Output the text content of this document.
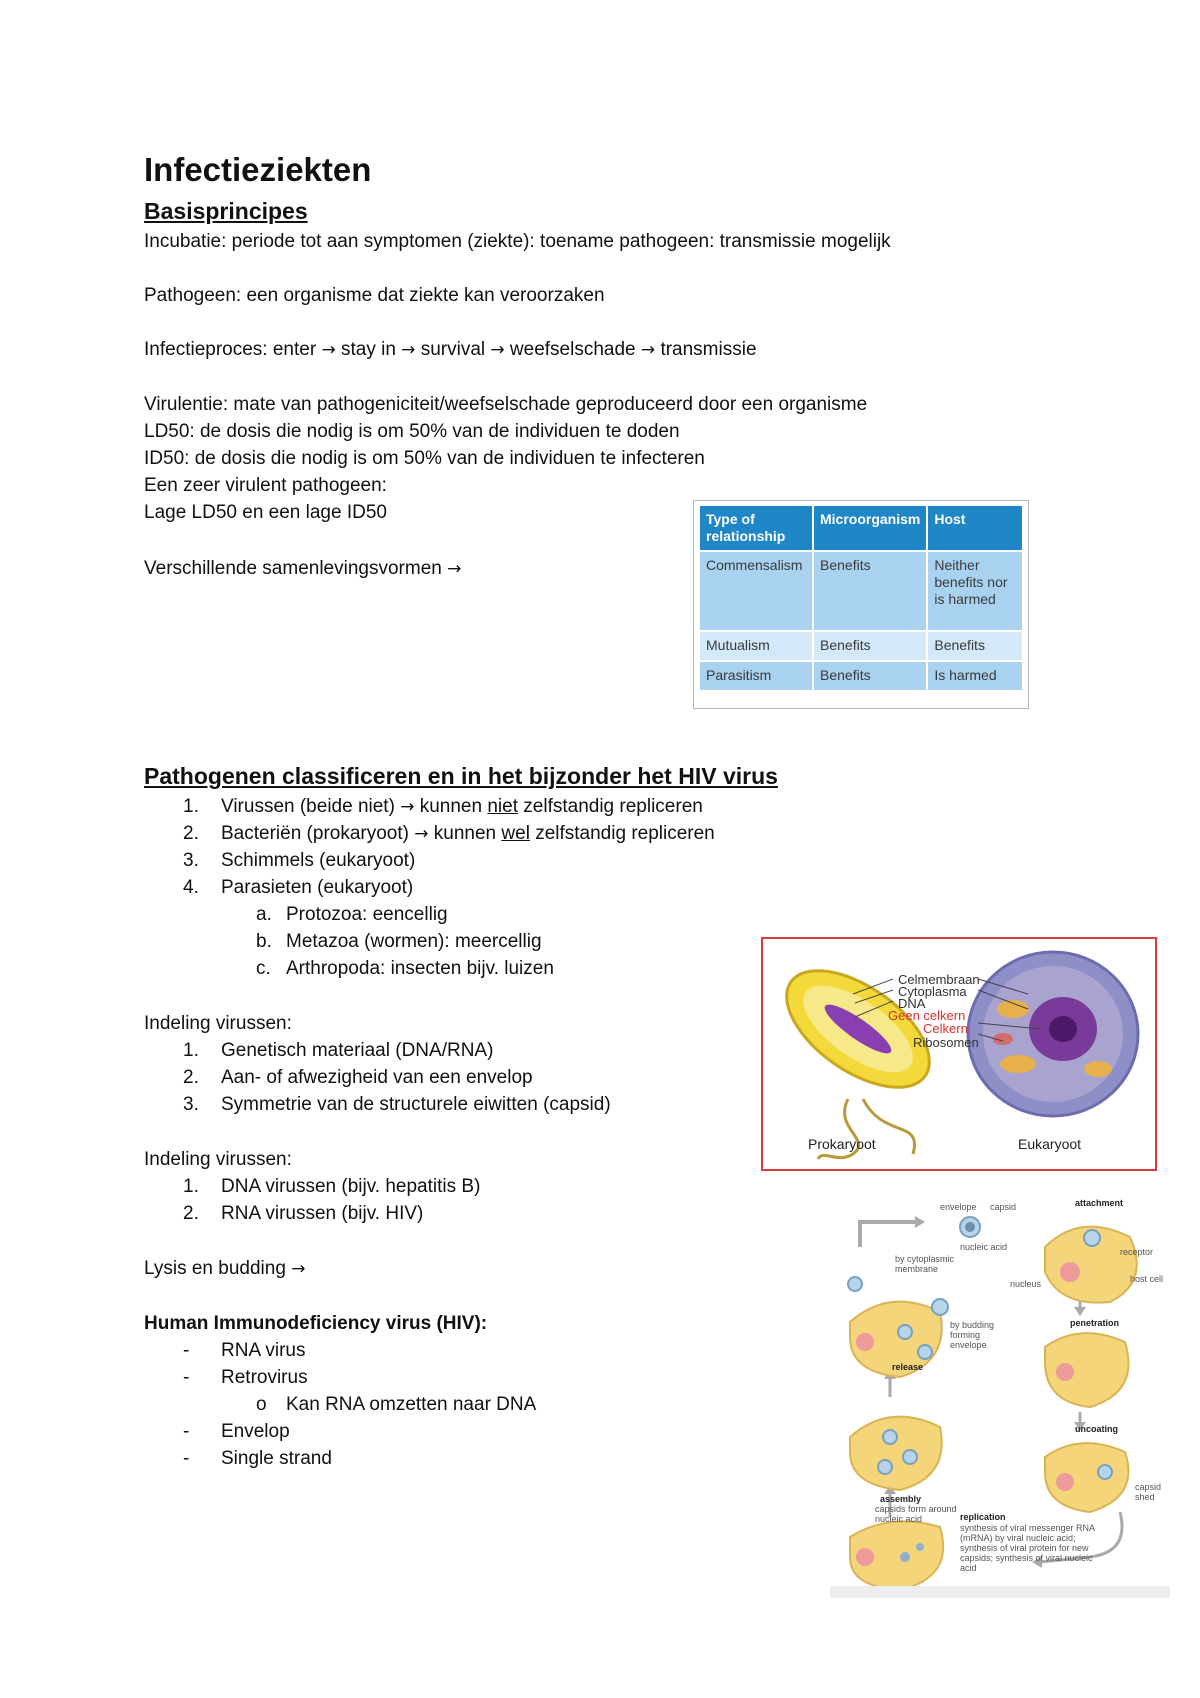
Infectieziekten
Basisprincipes
Incubatie: periode tot aan symptomen (ziekte): toename pathogeen: transmissie mogelijk
Pathogeen: een organisme dat ziekte kan veroorzaken
Infectieproces: enter → stay in → survival → weefselschade → transmissie
Virulentie: mate van pathogeniciteit/weefselschade geproduceerd door een organisme
LD50: de dosis die nodig is om 50% van de individuen te doden
ID50: de dosis die nodig is om 50% van de individuen te infecteren
Een zeer virulent pathogeen:
Lage LD50 en een lage ID50
Verschillende samenlevingsvormen →
Type of relationship	Microorganism	Host
Commensalism	Benefits	Neither benefits nor is harmed
Mutualism	Benefits	Benefits
Parasitism	Benefits	Is harmed
Pathogenen classificeren en in het bijzonder het HIV virus
1. Virussen (beide niet) → kunnen niet zelfstandig repliceren
2. Bacteriën (prokaryoot) → kunnen wel zelfstandig repliceren
3. Schimmels (eukaryoot)
4. Parasieten (eukaryoot)
a. Protozoa: eencellig
b. Metazoa (wormen): meercellig
c. Arthropoda: insecten bijv. luizen
Indeling virussen:
1. Genetisch materiaal (DNA/RNA)
2. Aan- of afwezigheid van een envelop
3. Symmetrie van de structurele eiwitten (capsid)
Indeling virussen:
1. DNA virussen (bijv. hepatitis B)
2. RNA virussen (bijv. HIV)
Lysis en budding →
Human Immunodeficiency virus (HIV):
- RNA virus
- Retrovirus
o Kan RNA omzetten naar DNA
- Envelop
- Single strand
Celmembraan
Cytoplasma
DNA
Geen celkern
Celkern
Ribosomen
Prokaryoot	Eukaryoot
envelope capsid	attachment
nucleic acid	receptor
by cytoplasmic membrane
host cell
nucleus
by budding forming envelope
penetration
release
assembly
capsids form around nucleic acid
uncoating
capsid shed
replication
synthesis of viral messenger RNA (mRNA) by viral nucleic acid; synthesis of viral protein for new capsids; synthesis of viral nucleic acid
